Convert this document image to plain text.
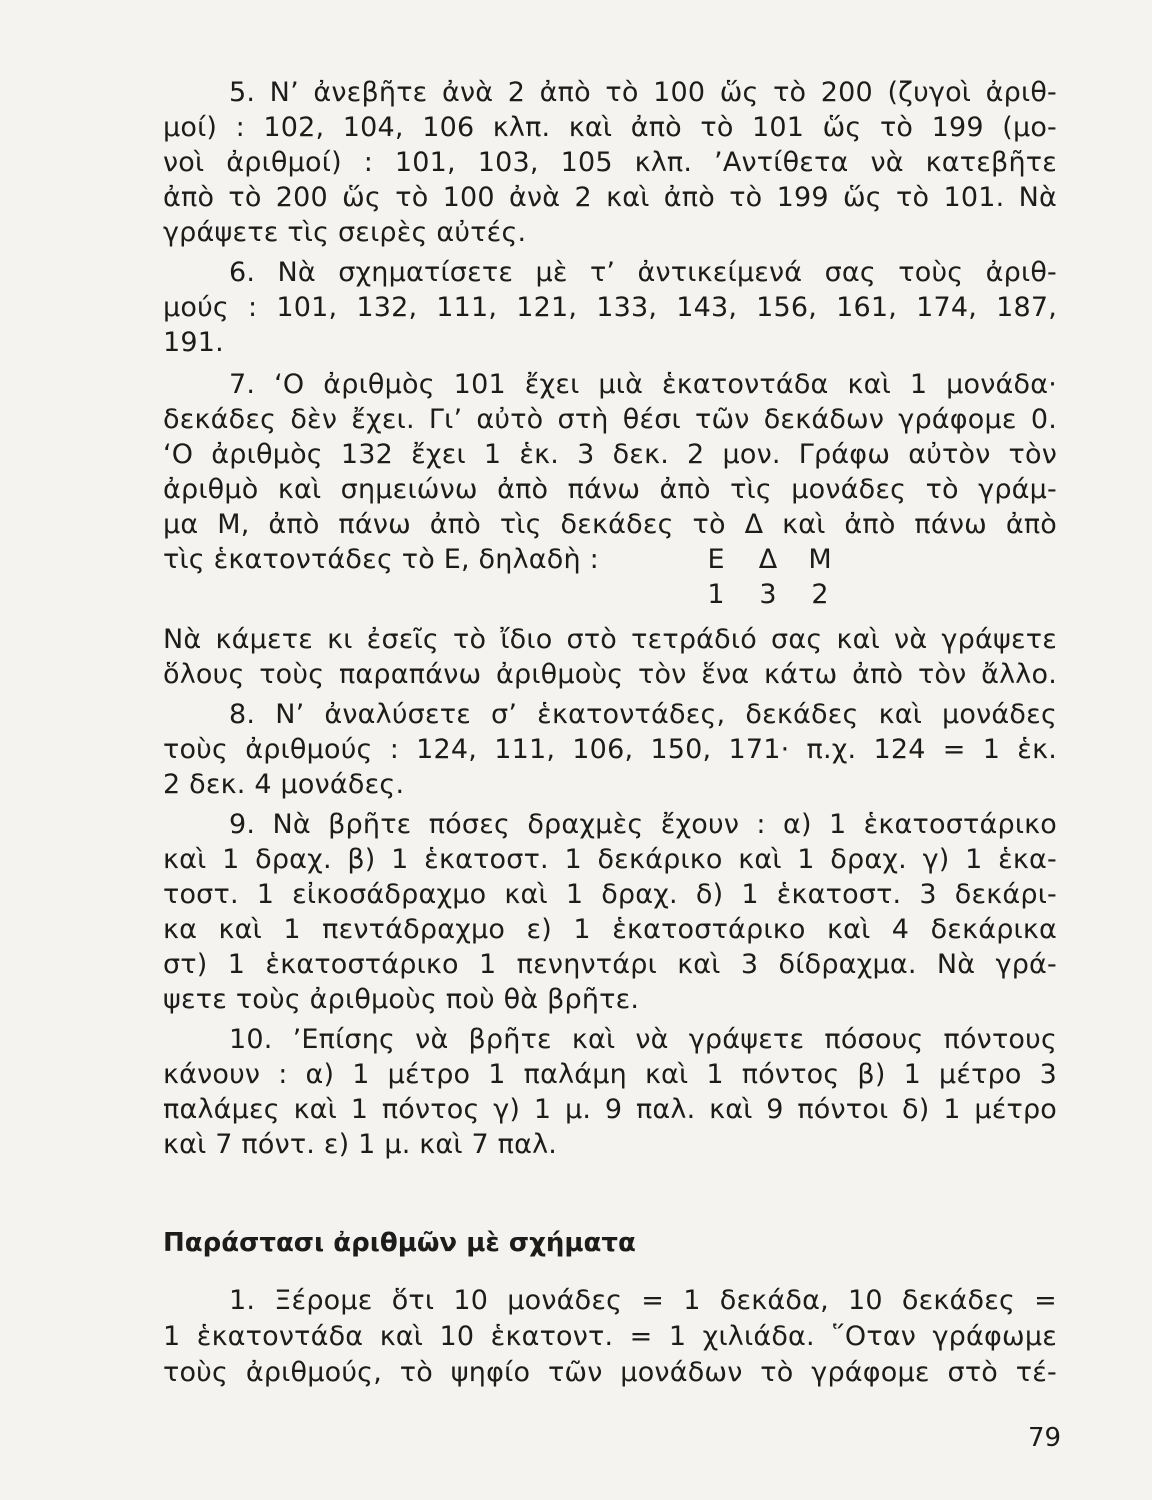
5. Ν’ ἀνεβῆτε ἀνὰ 2 ἀπὸ τὸ 100 ὥς τὸ 200 (ζυγοὶ ἀριθ-
μοί) : 102, 104, 106 κλπ. καὶ ἀπὸ τὸ 101 ὥς τὸ 199 (μο-
νοὶ ἀριθμοί) : 101, 103, 105 κλπ. ’Αντίθετα νὰ κατεβῆτε
ἀπὸ τὸ 200 ὥς τὸ 100 ἀνὰ 2 καὶ ἀπὸ τὸ 199 ὥς τὸ 101. Νὰ
γράψετε τὶς σειρὲς αὐτές.
6. Νὰ σχηματίσετε μὲ τ’ ἀντικείμενά σας τοὺς ἀριθ-
μούς : 101, 132, 111, 121, 133, 143, 156, 161, 174, 187,
191.
7. ‘Ο ἀριθμὸς 101 ἔχει μιὰ ἑκατοντάδα καὶ 1 μονάδα·
δεκάδες δὲν ἔχει. Γι’ αὐτὸ στὴ θέσι τῶν δεκάδων γράφομε 0.
‘Ο ἀριθμὸς 132 ἔχει 1 ἑκ. 3 δεκ. 2 μον. Γράφω αὐτὸν τὸν
ἀριθμὸ καὶ σημειώνω ἀπὸ πάνω ἀπὸ τὶς μονάδες τὸ γράμ-
μα Μ, ἀπὸ πάνω ἀπὸ τὶς δεκάδες τὸ Δ καὶ ἀπὸ πάνω ἀπὸ
τὶς ἑκατοντάδες τὸ Ε, δηλαδὴ :	Ε	Δ	Μ
1	3	2
Νὰ κάμετε κι ἐσεῖς τὸ ἴδιο στὸ τετράδιό σας καὶ νὰ γράψετε
ὅλους τοὺς παραπάνω ἀριθμοὺς τὸν ἕνα κάτω ἀπὸ τὸν ἄλλο.
8. Ν’ ἀναλύσετε σ’ ἑκατοντάδες, δεκάδες καὶ μονάδες
τοὺς ἀριθμούς : 124, 111, 106, 150, 171· π.χ. 124 = 1 ἑκ.
2 δεκ. 4 μονάδες.
9. Νὰ βρῆτε πόσες δραχμὲς ἔχουν : α) 1 ἑκατοστάρικο
καὶ 1 δραχ. β) 1 ἑκατοστ. 1 δεκάρικο καὶ 1 δραχ. γ) 1 ἑκα-
τοστ. 1 εἰκοσάδραχμο καὶ 1 δραχ. δ) 1 ἑκατοστ. 3 δεκάρι-
κα καὶ 1 πεντάδραχμο ε) 1 ἑκατοστάρικο καὶ 4 δεκάρικα
στ) 1 ἑκατοστάρικο 1 πενηντάρι καὶ 3 δίδραχμα. Νὰ γρά-
ψετε τοὺς ἀριθμοὺς ποὺ θὰ βρῆτε.
10. ’Επίσης νὰ βρῆτε καὶ νὰ γράψετε πόσους πόντους
κάνουν : α) 1 μέτρο 1 παλάμη καὶ 1 πόντος β) 1 μέτρο 3
παλάμες καὶ 1 πόντος γ) 1 μ. 9 παλ. καὶ 9 πόντοι δ) 1 μέτρο
καὶ 7 πόντ. ε) 1 μ. καὶ 7 παλ.
Παράστασι ἀριθμῶν μὲ σχήματα
1. Ξέρομε ὅτι 10 μονάδες = 1 δεκάδα, 10 δεκάδες =
1 ἑκατοντάδα καὶ 10 ἑκατοντ. = 1 χιλιάδα. ῞Οταν γράφωμε
τοὺς ἀριθμούς, τὸ ψηφίο τῶν μονάδων τὸ γράφομε στὸ τέ-
79
